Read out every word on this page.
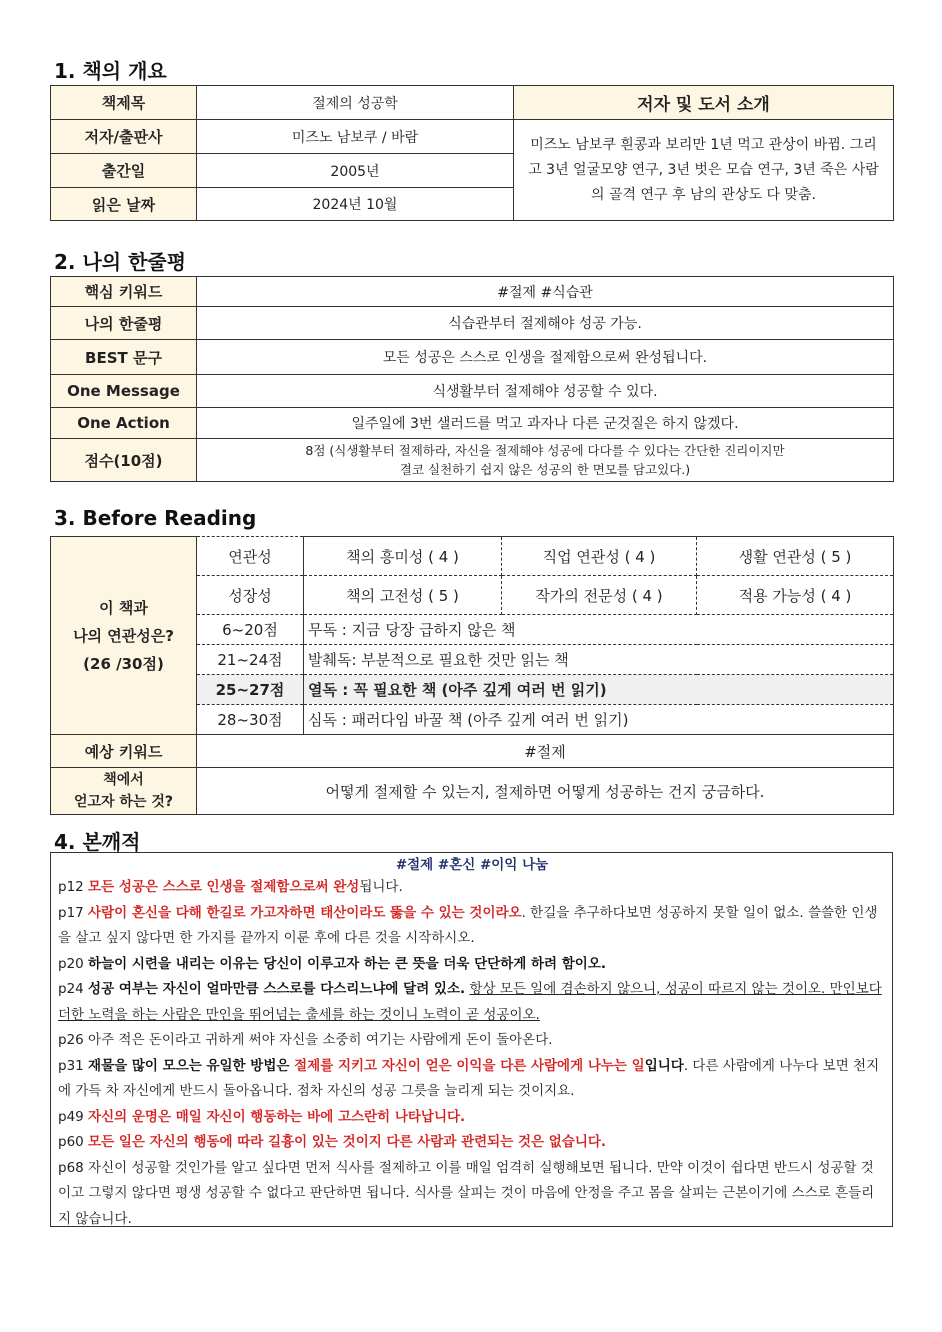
1. 책의 개요
책제목	절제의 성공학	저자 및 도서 소개
저자/출판사	미즈노 남보쿠 / 바람	미즈노 남보쿠 흰콩과 보리만 1년 먹고 관상이 바뀜. 그리고 3년 얼굴모양 연구, 3년 벗은 모습 연구, 3년 죽은 사람의 골격 연구 후 남의 관상도 다 맞춤.
출간일	2005년	
읽은 날짜	2024년 10월	
2. 나의 한줄평
핵심 키워드	#절제 #식습관
나의 한줄평	식습관부터 절제해야 성공 가능.
BEST 문구	모든 성공은 스스로 인생을 절제함으로써 완성됩니다.
One Message	식생활부터 절제해야 성공할 수 있다.
One Action	일주일에 3번 샐러드를 먹고 과자나 다른 군것질은 하지 않겠다.
점수(10점)	8점 (식생활부터 절제하라, 자신을 절제해야 성공에 다다를 수 있다는 간단한 진리이지만
결코 실천하기 쉽지 않은 성공의 한 면모를 담고있다.)
3. Before Reading
이 책과
나의 연관성은?
(26 /30점)	연관성	책의 흥미성 ( 4 )	직업 연관성 ( 4 )	생활 연관성 ( 5 )
	성장성	책의 고전성 ( 5 )	작가의 전문성 ( 4 )	적용 가능성 ( 4 )
	6~20점	무독 : 지금 당장 급하지 않은 책		
	21~24점	발췌독: 부분적으로 필요한 것만 읽는 책		
	25~27점	열독 : 꼭 필요한 책 (아주 깊게 여러 번 읽기)		
	28~30점	심독 : 패러다임 바꿀 책 (아주 깊게 여러 번 읽기)		
예상 키워드	#절제			

책에서
얻고자 하는 것?	어떻게 절제할 수 있는지, 절제하면 어떻게 성공하는 건지 궁금하다.			
4. 본깨적

#절제 #혼신 #이익 나눔

p12 모든 성공은 스스로 인생을 절제함으로써 완성됩니다.

p17 사람이 혼신을 다해 한길로 가고자하면 태산이라도 뚫을 수 있는 것이라오. 한길을 추구하다보면 성공하지 못할 일이 없소. 쓸쓸한 인생을 살고 싶지 않다면 한 가지를 끝까지 이룬 후에 다른 것을 시작하시오.

p20 하늘이 시련을 내리는 이유는 당신이 이루고자 하는 큰 뜻을 더욱 단단하게 하려 함이오.

p24 성공 여부는 자신이 얼마만큼 스스로를 다스리느냐에 달려 있소. 항상 모든 일에 겸손하지 않으니, 성공이 따르지 않는 것이오. 만인보다 더한 노력을 하는 사람은 만인을 뛰어넘는 출세를 하는 것이니 노력이 곧 성공이오.

p26 아주 적은 돈이라고 귀하게 써야 자신을 소중히 여기는 사람에게 돈이 돌아온다.

p31 재물을 많이 모으는 유일한 방법은 절제를 지키고 자신이 얻은 이익을 다른 사람에게 나누는 일입니다. 다른 사람에게 나누다 보면 천지에 가득 차 자신에게 반드시 돌아옵니다. 점차 자신의 성공 그릇을 늘리게 되는 것이지요.

p49 자신의 운명은 매일 자신이 행동하는 바에 고스란히 나타납니다.

p60 모든 일은 자신의 행동에 따라 길흉이 있는 것이지 다른 사람과 관련되는 것은 없습니다.

p68 자신이 성공할 것인가를 알고 싶다면 먼저 식사를 절제하고 이를 매일 엄격히 실행해보면 됩니다. 만약 이것이 쉽다면 반드시 성공할 것이고 그렇지 않다면 평생 성공할 수 없다고 판단하면 됩니다. 식사를 살피는 것이 마음에 안정을 주고 몸을 살피는 근본이기에 스스로 흔들리지 않습니다.
